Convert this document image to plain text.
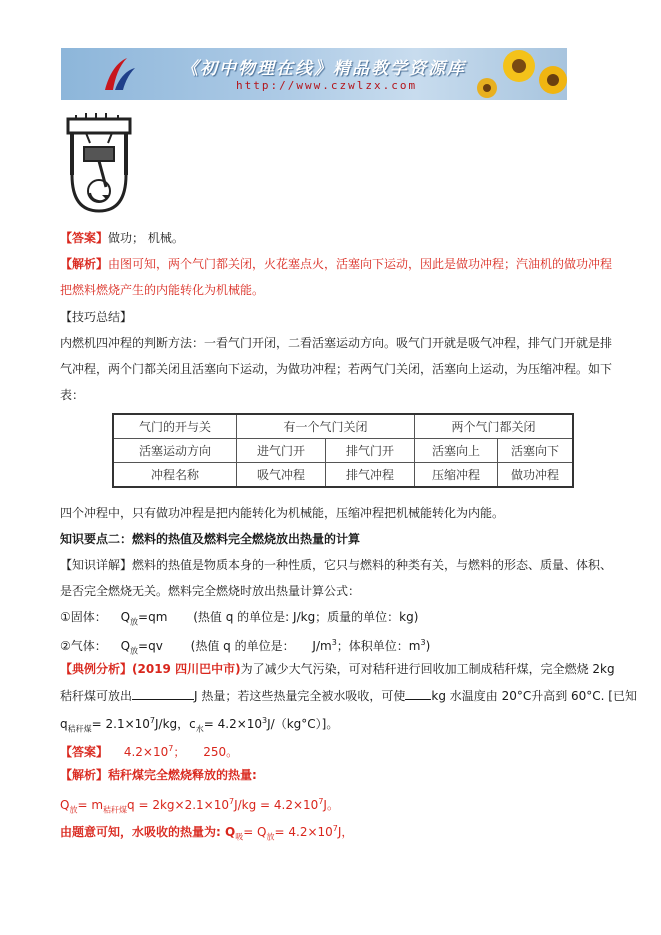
《初中物理在线》精品教学资源库
http://www.czwlzx.com
【答案】做功； 机械。
【解析】由图可知，两个气门都关闭，火花塞点火，活塞向下运动，因此是做功冲程；汽油机的做功冲程
把燃料燃烧产生的内能转化为机械能。
【技巧总结】
内燃机四冲程的判断方法：一看气门开闭，二看活塞运动方向。吸气门开就是吸气冲程，排气门开就是排
气冲程，两个门都关闭且活塞向下运动，为做功冲程；若两气门关闭，活塞向上运动，为压缩冲程。如下
表：
气门的开与关	有一个气门关闭		两个气门都关闭	
活塞运动方向	进气门开	排气门开	活塞向上	活塞向下
冲程名称	吸气冲程	排气冲程	压缩冲程	做功冲程
四个冲程中，只有做功冲程是把内能转化为机械能，压缩冲程把机械能转化为内能。
知识要点二：燃料的热值及燃料完全燃烧放出热量的计算
【知识详解】燃料的热值是物质本身的一种性质，它只与燃料的种类有关，与燃料的形态、质量、体积、
是否完全燃烧无关。燃料完全燃烧时放出热量计算公式：
①固体： $Q_放=qm$ (热值 q 的单位是: J/kg；质量的单位：kg)
②气体： $Q_放=qv$ (热值 q 的单位是： $J/m^3$；体积单位：$m^3$)
【典例分析】(2019 四川巴中市)为了减少大气污染，可对秸秆进行回收加工制成秸秆煤，完全燃烧 2kg
秸秆煤可放出	J 热量；若这些热量完全被水吸收，可使 kg 水温度由 20°C升高到 60°C. [已知
$q_{秸秆煤}= 2.1\times 10^7J/kg$，$c_水= 4.2\times 10^3J/(kg^\circ C)$]。
【答案】 $4.2\times 10^7$； 250。
【解析】秸秆煤完全燃烧释放的热量:
$Q_放= m_{秸秆煤}q = 2kg\times 2.1\times 10^7J/kg = 4.2\times 10^7J$。
由题意可知，水吸收的热量为: $Q_吸= Q_放= 4.2\times 10^7J$，
